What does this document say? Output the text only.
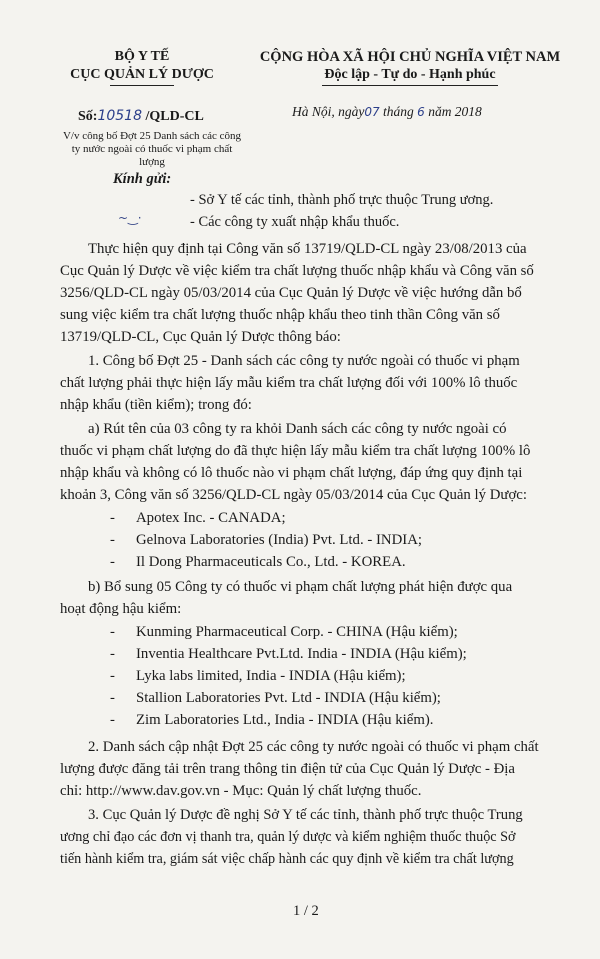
BỘ Y TẾ
CỤC QUẢN LÝ DƯỢC
Số:10518 /QLD-CL
V/v công bố Đợt 25 Danh sách các công ty nước ngoài có thuốc vi phạm chất lượng
CỘNG HÒA XÃ HỘI CHỦ NGHĨA VIỆT NAM
Độc lập - Tự do - Hạnh phúc
Hà Nội, ngày07 tháng 6 năm 2018
Kính gửi:
- Sở Y tế các tỉnh, thành phố trực thuộc Trung ương.
~‿·	- Các công ty xuất nhập khẩu thuốc.
Thực hiện quy định tại Công văn số 13719/QLD-CL ngày 23/08/2013 của
Cục Quản lý Dược về việc kiểm tra chất lượng thuốc nhập khẩu và Công văn số
3256/QLD-CL ngày 05/03/2014 của Cục Quản lý Dược về việc hướng dẫn bổ
sung việc kiểm tra chất lượng thuốc nhập khẩu theo tinh thần Công văn số
13719/QLD-CL, Cục Quản lý Dược thông báo:
1. Công bố Đợt 25 - Danh sách các công ty nước ngoài có thuốc vi phạm
chất lượng phải thực hiện lấy mẫu kiểm tra chất lượng đối với 100% lô thuốc
nhập khẩu (tiền kiểm); trong đó:
a) Rút tên của 03 công ty ra khỏi Danh sách các công ty nước ngoài có
thuốc vi phạm chất lượng do đã thực hiện lấy mẫu kiểm tra chất lượng 100% lô
nhập khẩu và không có lô thuốc nào vi phạm chất lượng, đáp ứng quy định tại
khoản 3, Công văn số 3256/QLD-CL ngày 05/03/2014 của Cục Quản lý Dược:
- Apotex Inc. - CANADA;
- Gelnova Laboratories (India) Pvt. Ltd. - INDIA;
- Il Dong Pharmaceuticals Co., Ltd. - KOREA.
b) Bổ sung 05 Công ty có thuốc vi phạm chất lượng phát hiện được qua
hoạt động hậu kiểm:
- Kunming Pharmaceutical Corp. - CHINA (Hậu kiểm);
- Inventia Healthcare Pvt.Ltd. India - INDIA (Hậu kiểm);
- Lyka labs limited, India - INDIA (Hậu kiểm);
- Stallion Laboratories Pvt. Ltd - INDIA (Hậu kiểm);
- Zim Laboratories Ltd., India - INDIA (Hậu kiểm).
2. Danh sách cập nhật Đợt 25 các công ty nước ngoài có thuốc vi phạm chất
lượng được đăng tải trên trang thông tin điện tử của Cục Quản lý Dược - Địa
chỉ: http://www.dav.gov.vn - Mục: Quản lý chất lượng thuốc.
3. Cục Quản lý Dược đề nghị Sở Y tế các tỉnh, thành phố trực thuộc Trung
ương chỉ đạo các đơn vị thanh tra, quản lý dược và kiểm nghiệm thuốc thuộc Sở
tiến hành kiểm tra, giám sát việc chấp hành các quy định về kiểm tra chất lượng
1 / 2
